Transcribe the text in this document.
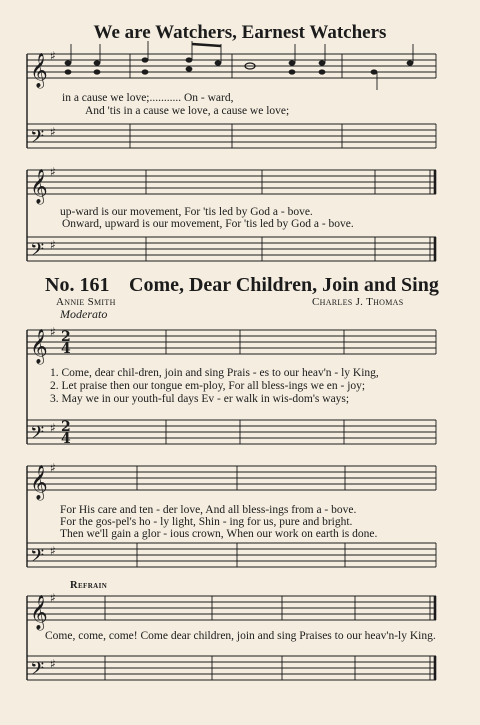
We are Watchers, Earnest Watchers
𝄞
𝄢
𝄞
𝄢
𝄞
𝄢
𝄞
𝄢
𝄞
𝄢
♯
♯
♯
♯
♯
♯
♯
♯
♯
♯
2
4
2
4
in a cause we love;........... On - ward,
And 'tis in a cause we love, a cause we love;
up-ward is our movement, For 'tis led by God a - bove.
Onward, upward is our movement, For 'tis led by God a - bove.
No. 161 Come, Dear Children, Join and Sing
Annie Smith	Charles J. Thomas
Moderato
1. Come, dear chil-dren, join and sing Prais - es to our heav'n - ly King,
2. Let praise then our tongue em-ploy, For all bless-ings we en - joy;
3. May we in our youth-ful days Ev - er walk in wis-dom's ways;
For His care and ten - der love, And all bless-ings from a - bove.
For the gos-pel's ho - ly light, Shin - ing for us, pure and bright.
Then we'll gain a glor - ious crown, When our work on earth is done.
Refrain
Come, come, come! Come dear children, join and sing Praises to our heav'n-ly King.
